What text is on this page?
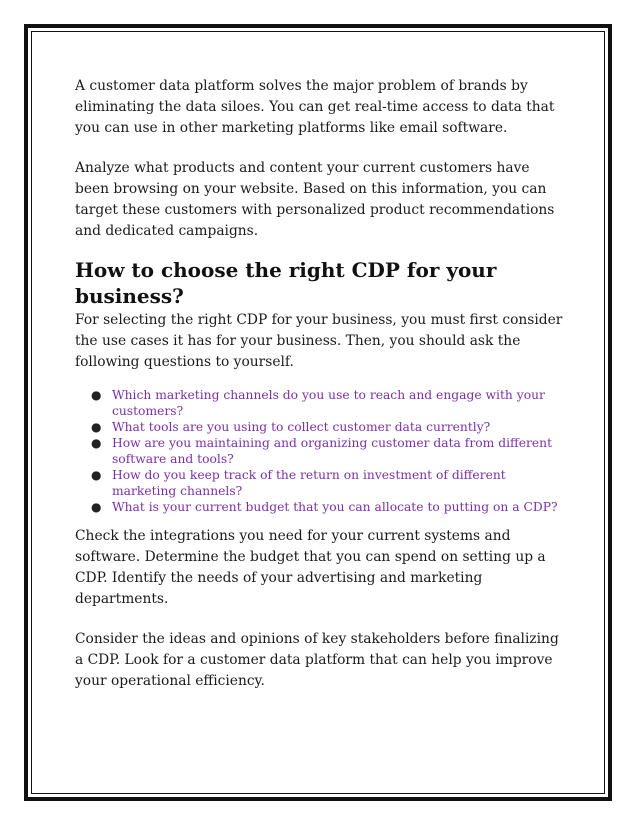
A customer data platform solves the major problem of brands by eliminating the data siloes. You can get real-time access to data that you can use in other marketing platforms like email software.

Analyze what products and content your current customers have been browsing on your website. Based on this information, you can target these customers with personalized product recommendations and dedicated campaigns.

How to choose the right CDP for your business?

For selecting the right CDP for your business, you must first consider the use cases it has for your business. Then, you should ask the following questions to yourself.

● Which marketing channels do you use to reach and engage with your customers?
● What tools are you using to collect customer data currently?
● How are you maintaining and organizing customer data from different software and tools?
● How do you keep track of the return on investment of different marketing channels?
● What is your current budget that you can allocate to putting on a CDP?

Check the integrations you need for your current systems and software. Determine the budget that you can spend on setting up a CDP. Identify the needs of your advertising and marketing departments.

Consider the ideas and opinions of key stakeholders before finalizing a CDP. Look for a customer data platform that can help you improve your operational efficiency.
